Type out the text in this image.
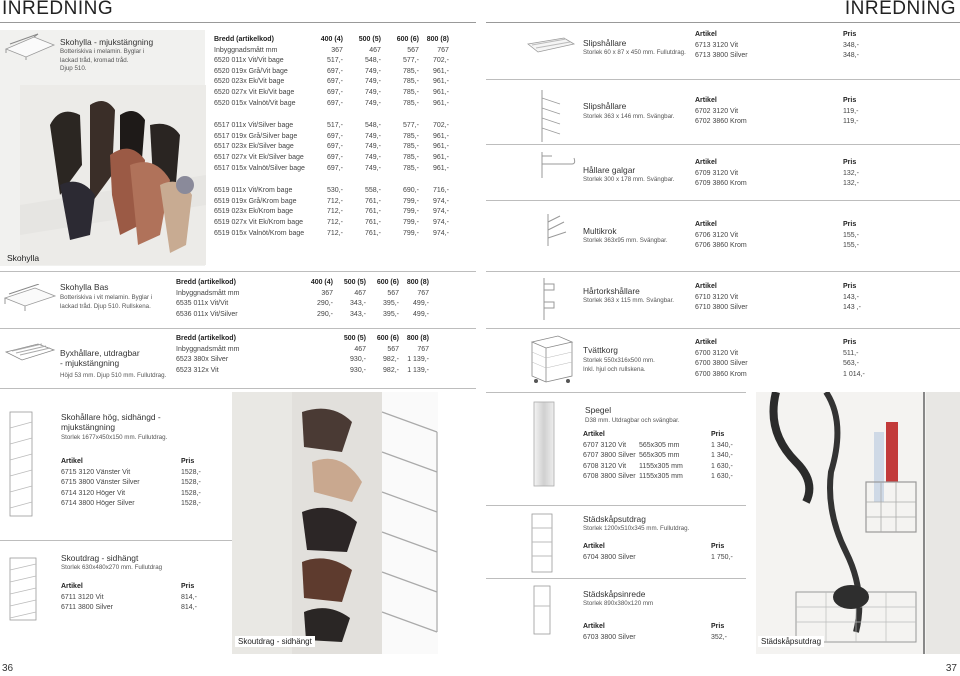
INREDNING	INREDNING
Skohylla - mjukstängning
Botteriskiva i melamin. Byglar i
lackad tråd, kromad tråd.
Djup 510.
Skohylla
Bredd (artikelkod)	400 (4)	500 (5)	600 (6)	800 (8)
Inbyggnadsmått mm	367	467	567	767
6520 011x Vit/Vit bage	517,-	548,-	577,-	702,-
6520 019x Grå/Vit bage	697,-	749,-	785,-	961,-
6520 023x Ek/Vit bage	697,-	749,-	785,-	961,-
6520 027x Vit Ek/Vit bage	697,-	749,-	785,-	961,-
6520 015x Valnöt/Vit bage	697,-	749,-	785,-	961,-

6517 011x Vit/Silver bage	517,-	548,-	577,-	702,-
6517 019x Grå/Silver bage	697,-	749,-	785,-	961,-
6517 023x Ek/Silver bage	697,-	749,-	785,-	961,-
6517 027x Vit Ek/Silver bage	697,-	749,-	785,-	961,-
6517 015x Valnöt/Silver bage	697,-	749,-	785,-	961,-

6519 011x Vit/Krom bage	530,-	558,-	690,-	716,-
6519 019x Grå/Krom bage	712,-	761,-	799,-	974,-
6519 023x Ek/Krom bage	712,-	761,-	799,-	974,-
6519 027x Vit Ek/Krom bage	712,-	761,-	799,-	974,-
6519 015x Valnöt/Krom bage	712,-	761,-	799,-	974,-
Skohylla Bas
Botteriskiva i vit melamin. Byglar i
lackad tråd. Djup 510. Rullskena.
Bredd (artikelkod)	400 (4)	500 (5)	600 (6)	800 (8)
Inbyggnadsmått mm	367	467	567	767
6535 011x Vit/Vit	290,-	343,-	395,-	499,-
6536 011x Vit/Silver	290,-	343,-	395,-	499,-
Byxhållare, utdragbar
- mjukstängning
Höjd 53 mm. Djup 510 mm. Fullutdrag.
Bredd (artikelkod)	500 (5)	600 (6)	800 (8)
Inbyggnadsmått mm	467	567	767
6523 380x Silver	930,-	982,-	1 139,-
6523 312x Vit	930,-	982,-	1 139,-
Skohållare hög, sidhängd -
mjukstängning
Storlek 1677x450x150 mm. Fullutdrag.
Artikel	Pris
6715 3120 Vänster Vit	1528,-
6715 3800 Vänster Silver	1528,-
6714 3120 Höger Vit	1528,-
6714 3800 Höger Silver	1528,-
Skoutdrag - sidhängt
Storlek 630x480x270 mm. Fullutdrag
Artikel	Pris
6711 3120 Vit	814,-
6711 3800 Silver	814,-
Skoutdrag - sidhängt
36
Slipshållare
Storlek 60 x 87 x 450 mm. Fullutdrag.
Artikel	Pris
6713 3120 Vit	348,-
6713 3800 Silver	348,-
Slipshållare
Storlek 363 x 146 mm. Svängbar.
Artikel	Pris
6702 3120 Vit	119,-
6702 3860 Krom	119,-
Hållare galgar
Storlek 300 x 178 mm. Svängbar.
Artikel	Pris
6709 3120 Vit	132,-
6709 3860 Krom	132,-
Multikrok
Storlek 363x95 mm. Svängbar.
Artikel	Pris
6706 3120 Vit	155,-
6706 3860 Krom	155,-
Hårtorkshållare
Storlek 363 x 115 mm. Svängbar.
Artikel	Pris
6710 3120 Vit	143,-
6710 3800 Silver	143 ,-
Tvättkorg
Storlek 550x316x500 mm.
Inkl. hjul och rullskena.
Artikel	Pris
6700 3120 Vit	511,-
6700 3800 Silver	563,-
6700 3860 Krom	1 014,-
Spegel
D38 mm. Utdragbar och svängbar.
Artikel		Pris
6707 3120 Vit	565x305 mm	1 340,-
6707 3800 Silver	565x305 mm	1 340,-
6708 3120 Vit	1155x305 mm	1 630,-
6708 3800 Silver	1155x305 mm	1 630,-
Städskåpsutdrag
Storlek 1200x510x345 mm. Fullutdrag.
Artikel	Pris
6704 3800 Silver	1 750,-
Städskåpsinrede
Storlek 890x380x120 mm
Artikel	Pris
6703 3800 Silver	352,-	Städskåpsutdrag
37
